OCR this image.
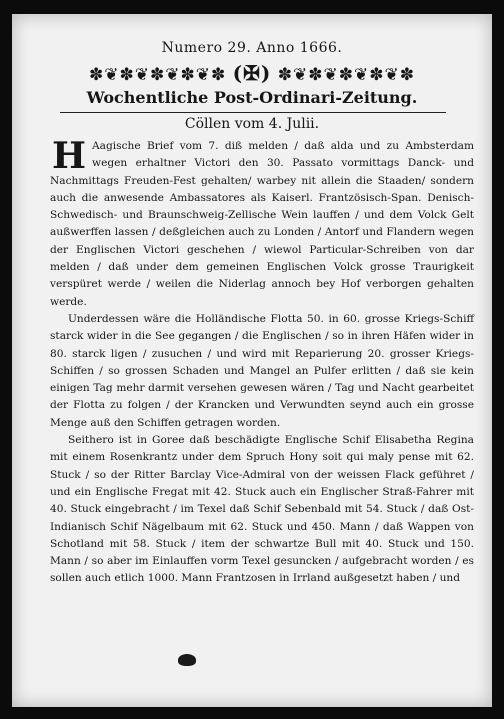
Numero 29. Anno 1666.
✽❦✽❦✽❦✽❦✽ (✠) ✽❦✽❦✽❦✽❦✽
Wochentliche Post-Ordinari-Zeitung.
Cöllen vom 4. Julii.

H Aagische Brief vom 7. diß melden / daß alda und zu Ambsterdam wegen erhaltner Victori den 30. Passato vormittags Danck- und Nachmittags Freuden-Fest gehalten/ warbey nit allein die Staaden/ sondern auch die anwesende Ambassatores als Kaiserl. Frantzösisch-Span. Denisch-Schwedisch- und Braunschweig-Zellische Wein lauffen / und dem Volck Gelt außwerffen lassen / deßgleichen auch zu Londen / Antorf und Flandern wegen der Englischen Victori geschehen / wiewol Particular-Schreiben von dar melden / daß under dem gemeinen Englischen Volck grosse Traurigkeit verspüret werde / weilen die Niderlag annoch bey Hof verborgen gehalten werde.

Underdessen wäre die Holländische Flotta 50. in 60. grosse Kriegs-Schiff starck wider in die See gegangen / die Englischen / so in ihren Häfen wider in 80. starck ligen / zusuchen / und wird mit Reparierung 20. grosser Kriegs-Schiffen / so grossen Schaden und Mangel an Pulfer erlitten / daß sie kein einigen Tag mehr darmit versehen gewesen wären / Tag und Nacht gearbeitet der Flotta zu folgen / der Krancken und Verwundten seynd auch ein grosse Menge auß den Schiffen getragen worden.

Seithero ist in Goree daß beschädigte Englische Schif Elisabetha Regina mit einem Rosenkrantz under dem Spruch Hony soit qui maly pense mit 62. Stuck / so der Ritter Barclay Vice-Admiral von der weissen Flack geführet / und ein Englische Fregat mit 42. Stuck auch ein Englischer Straß-Fahrer mit 40. Stuck eingebracht / im Texel daß Schif Sebenbald mit 54. Stuck / daß Ost-Indianisch Schif Nägelbaum mit 62. Stuck und 450. Mann / daß Wappen von Schotland mit 58. Stuck / item der schwartze Bull mit 40. Stuck und 150. Mann / so aber im Einlauffen vorm Texel gesuncken / aufgebracht worden / es sollen auch etlich 1000. Mann Frantzosen in Irrland außgesetzt haben / und
